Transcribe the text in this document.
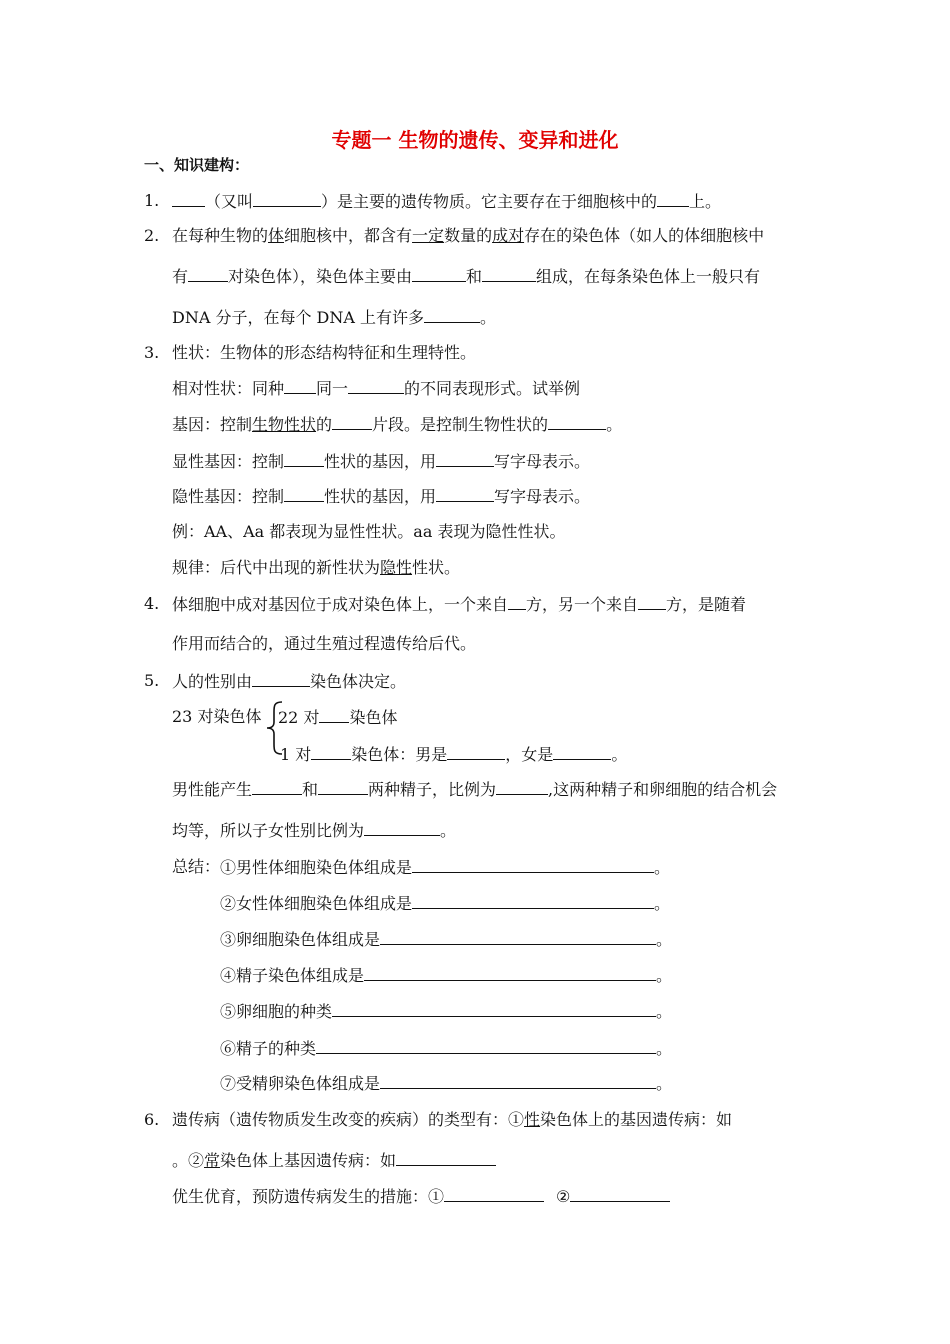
专题一 生物的遗传、变异和进化
一、知识建构：
1.	（又叫	）是主要的遗传物质。它主要存在于细胞核中的 上。
2. 在每种生物的体细胞核中，都含有一定数量的成对存在的染色体（如人的体细胞核中
有	对染色体），染色体主要由	和	组成，在每条染色体上一般只有
DNA 分子，在每个 DNA 上有许多	。
3. 性状：生物体的形态结构特征和生理特性。
相对性状：同种 同一	的不同表现形式。试举例
基因：控制生物性状的	片段。是控制生物性状的	。
显性基因：控制	性状的基因，用	写字母表示。
隐性基因：控制	性状的基因，用	写字母表示。
例：AA、Aa 都表现为显性性状。aa 表现为隐性性状。
规律：后代中出现的新性状为隐性性状。
4. 体细胞中成对基因位于成对染色体上，一个来自 方，另一个来自 方，是随着
作用而结合的，通过生殖过程遗传给后代。
5. 人的性别由	染色体决定。
23 对染色体 22 对 染色体
1 对	染色体：男是	，女是	。
男性能产生	和	两种精子，比例为	,这两种精子和卵细胞的结合机会
均等，所以子女性别比例为	。
总结： ①男性体细胞染色体组成是	。
②女性体细胞染色体组成是	。
③卵细胞染色体组成是	。
④精子染色体组成是	。
⑤卵细胞的种类	。
⑥精子的种类	。
⑦受精卵染色体组成是	。
6. 遗传病（遗传物质发生改变的疾病）的类型有：①性染色体上的基因遗传病：如
。②常染色体上基因遗传病：如
优生优育，预防遗传病发生的措施：①	②
